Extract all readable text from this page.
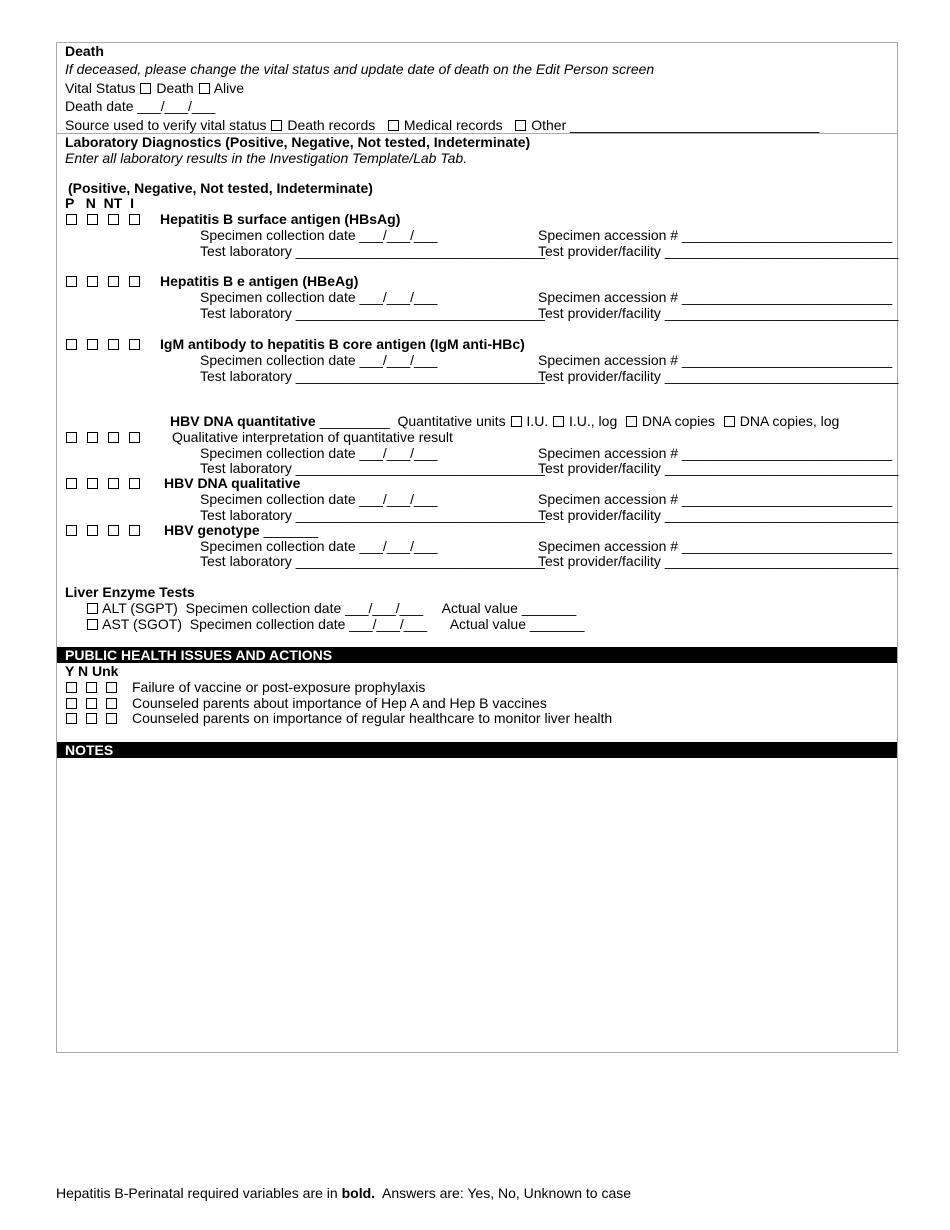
Death
If deceased, please change the vital status and update date of death on the Edit Person screen
Vital Status Death Alive
Death date ___/___/___
Source used to verify vital status Death records Medical records Other ________________________________
Laboratory Diagnostics (Positive, Negative, Not tested, Indeterminate)
Enter all laboratory results in the Investigation Template/Lab Tab.
(Positive, Negative, Not tested, Indeterminate)
P   N  NT  I
Hepatitis B surface antigen (HBsAg)
Specimen collection date ___/___/___	Specimen accession # ___________________________
Test laboratory ________________________________
Test provider/facility ______________________________
Hepatitis B e antigen (HBeAg)
Specimen collection date ___/___/___	Specimen accession # ___________________________
Test laboratory ________________________________
Test provider/facility ______________________________
IgM antibody to hepatitis B core antigen (IgM anti-HBc)
Specimen collection date ___/___/___	Specimen accession # ___________________________
Test laboratory ________________________________
Test provider/facility ______________________________
HBV DNA quantitative _________ Quantitative units I.U. I.U., log DNA copies DNA copies, log
Qualitative interpretation of quantitative result
Specimen collection date ___/___/___	Specimen accession # ___________________________
Test laboratory ________________________________
Test provider/facility ______________________________
HBV DNA qualitative
Specimen collection date ___/___/___	Specimen accession # ___________________________
Test laboratory ________________________________
Test provider/facility ______________________________
HBV genotype _______
Specimen collection date ___/___/___	Specimen accession # ___________________________
Test laboratory ________________________________
Test provider/facility ______________________________
Liver Enzyme Tests
ALT (SGPT)  Specimen collection date ___/___/___     Actual value _______
AST (SGOT)  Specimen collection date ___/___/___      Actual value _______
PUBLIC HEALTH ISSUES AND ACTIONS
Y N Unk
Failure of vaccine or post-exposure prophylaxis
Counseled parents about importance of Hep A and Hep B vaccines
Counseled parents on importance of regular healthcare to monitor liver health
NOTES
Hepatitis B-Perinatal required variables are in bold.  Answers are: Yes, No, Unknown to case
